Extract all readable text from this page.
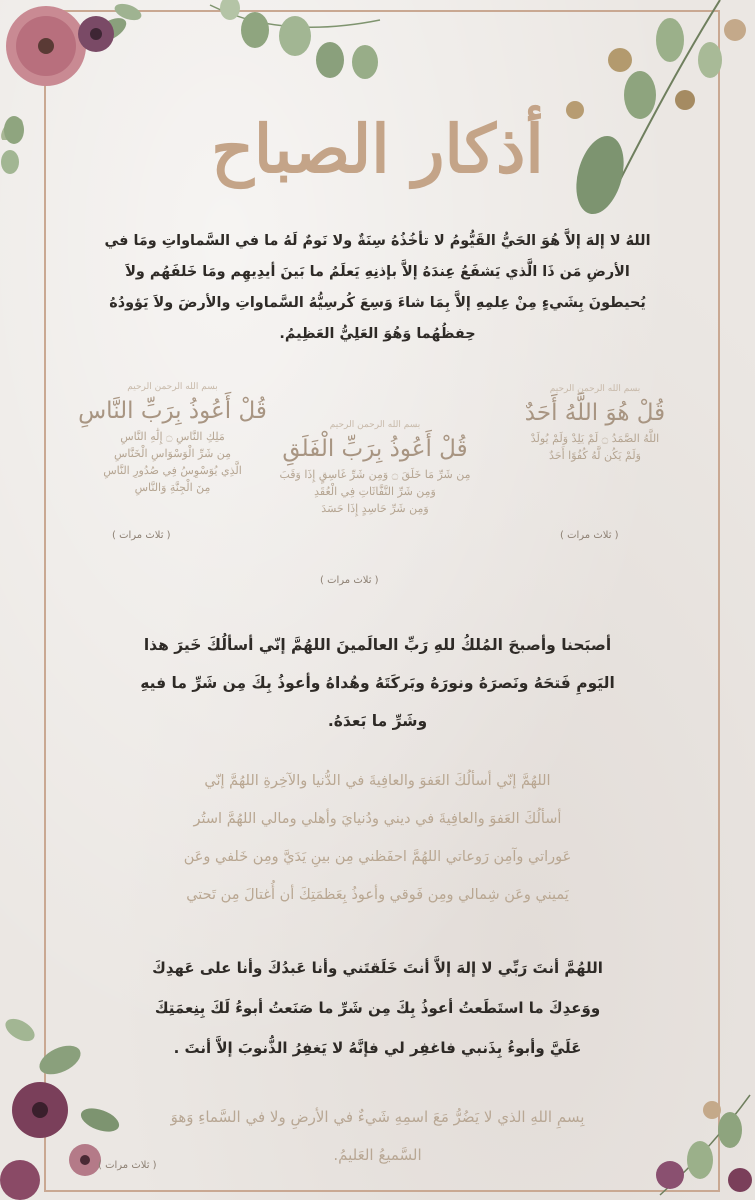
أذكار الصباح
اللهُ لا إلهَ إلاَّ هُوَ الحَيُّ القَيُّومُ لا تأخُذُهُ سِنَةٌ ولا نَومٌ لَهُ ما في السَّماواتِ ومَا في
الأرضِ مَن ذَا الَّذي يَشفَعُ عِندَهُ إلاَّ بإذنِهِ يَعلَمُ ما بَينَ أيدِيهِم ومَا خَلفَهُم ولاَ
يُحيطونَ بِشَيءٍ مِنْ عِلمِهِ إلاَّ بِمَا شاءَ وَسِعَ كُرسِيُّهُ السَّماواتِ والأرضَ ولاَ يَؤودُهُ
حِفظُهُما وَهُوَ العَلِيُّ العَظِيمُ.
بسم الله الرحمن الرحيم
قُلْ هُوَ اللَّهُ أَحَدٌ
اللَّهُ الصَّمَدُ ۝ لَمْ يَلِدْ وَلَمْ يُولَدْ
وَلَمْ يَكُن لَّهُ كُفُوًا أَحَدٌ
( ثلاث مرات )
بسم الله الرحمن الرحيم
قُلْ أَعُوذُ بِرَبِّ الْفَلَقِ
مِن شَرِّ مَا خَلَقَ ۝ وَمِن شَرِّ غَاسِقٍ إِذَا وَقَبَ
وَمِن شَرِّ النَّفَّاثَاتِ فِي الْعُقَدِ
وَمِن شَرِّ حَاسِدٍ إِذَا حَسَدَ
( ثلاث مرات )
بسم الله الرحمن الرحيم
قُلْ أَعُوذُ بِرَبِّ النَّاسِ
مَلِكِ النَّاسِ ۝ إِلَٰهِ النَّاسِ
مِن شَرِّ الْوَسْوَاسِ الْخَنَّاسِ
الَّذِي يُوَسْوِسُ فِي صُدُورِ النَّاسِ
مِنَ الْجِنَّةِ وَالنَّاسِ
( ثلاث مرات )
أصبَحنا وأصبحَ المُلكُ للهِ رَبِّ العالَمينَ اللهُمَّ إنّي أسألُكَ خَيرَ هذا
اليَومِ فَتحَهُ ونَصرَهُ ونورَهُ وبَركَتَهُ وهُداهُ وأعوذُ بِكَ مِن شَرِّ ما فيهِ
وشَرِّ ما بَعدَهُ.
اللهُمَّ إنّي أسألُكَ العَفوَ والعافِيةَ في الدُّنيا والآخِرةِ اللهُمَّ إنّي
أسألُكَ العَفوَ والعافِيةَ في ديني ودُنيايَ وأهلي ومالي اللهُمَّ استُر
عَوراتي وآمِن رَوعاتي اللهُمَّ احفَظني مِن بينِ يَدَيَّ ومِن خَلفي وعَن
يَميني وعَن شِمالي ومِن فَوقي وأعوذُ بِعَظمَتِكَ أن أُغتالَ مِن تَحتي
اللهُمَّ أنتَ رَبِّي لا إلهَ إلاَّ أنتَ خَلَقتَني وأنا عَبدُكَ وأنا على عَهدِكَ
ووَعدِكَ ما استَطَعتُ أعوذُ بِكَ مِن شَرِّ ما صَنَعتُ أبوءُ لَكَ بِنِعمَتِكَ
عَلَيَّ وأبوءُ بِذَنبي فاغفِر لي فإنَّهُ لا يَغفِرُ الذُّنوبَ إلاَّ أنتَ .
بِسمِ اللهِ الذي لا يَضُرُّ مَعَ اسمِهِ شَيءٌ في الأرضِ ولا في السَّماءِ وَهوَ
السَّميعُ العَليمُ.
( ثلاث مرات )
